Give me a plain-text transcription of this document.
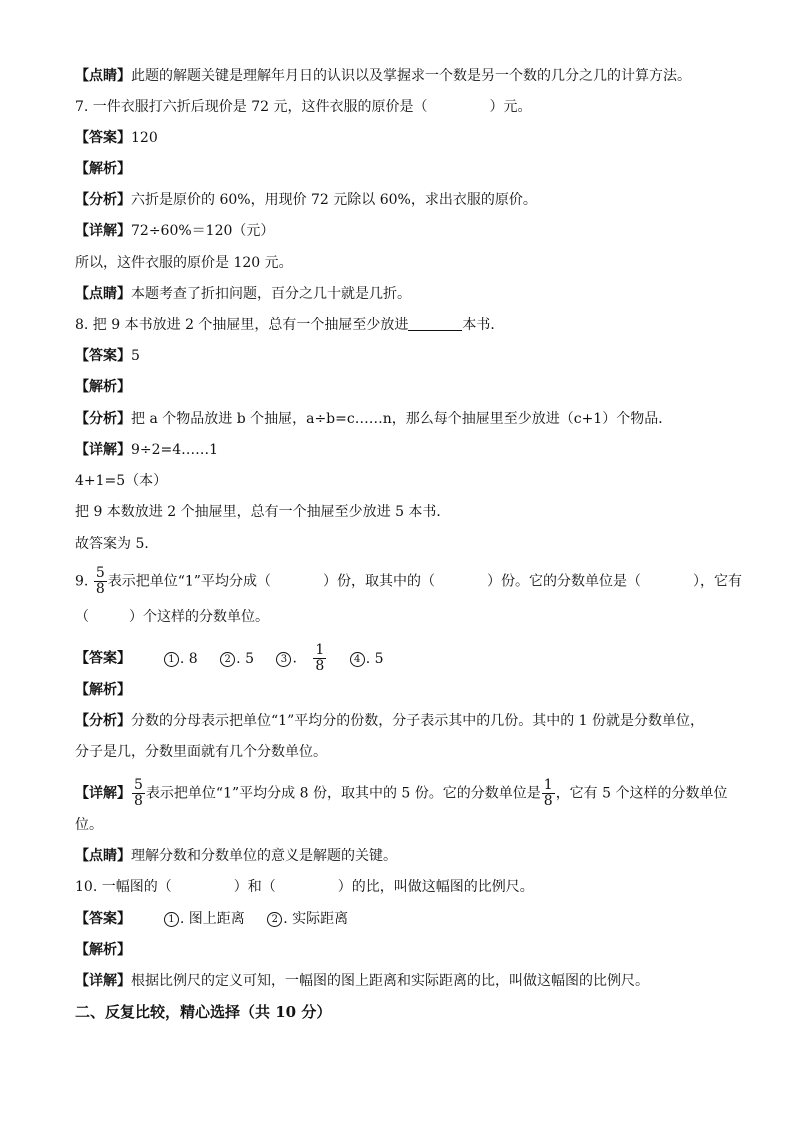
【点睛】此题的解题关键是理解年月日的认识以及掌握求一个数是另一个数的几分之几的计算方法。
7. 一件衣服打六折后现价是 72 元，这件衣服的原价是（	）元。
【答案】120
【解析】
【分析】六折是原价的 60%，用现价 72 元除以 60%，求出衣服的原价。
【详解】72÷60%＝120（元）
所以，这件衣服的原价是 120 元。
【点睛】本题考查了折扣问题，百分之几十就是几折。
8. 把 9 本书放进 2 个抽屉里，总有一个抽屉至少放进	本书．
【答案】5
【解析】
【分析】把 a 个物品放进 b 个抽屉，a÷b=c……n，那么每个抽屉里至少放进（c+1）个物品．
【详解】9÷2=4……1
4+1=5（本）
把 9 本数放进 2 个抽屉里，总有一个抽屉至少放进 5 本书．
故答案为 5．
9. $\frac{5}{8}$ 表示把单位“1”平均分成（	）份，取其中的（	）份。它的分数单位是（	），它有
（	）个这样的分数单位。
【答案】	1 . 8	2 . 5	3 . $\frac{1}{8}$	4 . 5
【解析】
【分析】分数的分母表示把单位“1”平均分的份数，分子表示其中的几份。其中的 1 份就是分数单位，
分子是几，分数里面就有几个分数单位。
【详解】 $\frac{5}{8}$ 表示把单位“1”平均分成 8 份，取其中的 5 份。它的分数单位是 $\frac{1}{8}$ ，它有 5 个这样的分数单位
位。
【点睛】理解分数和分数单位的意义是解题的关键。
10. 一幅图的（	）和（	）的比，叫做这幅图的比例尺。
【答案】	1 . 图上距离	2 . 实际距离
【解析】
【详解】根据比例尺的定义可知，一幅图的图上距离和实际距离的比，叫做这幅图的比例尺。
二、反复比较，精心选择（共 10 分）
